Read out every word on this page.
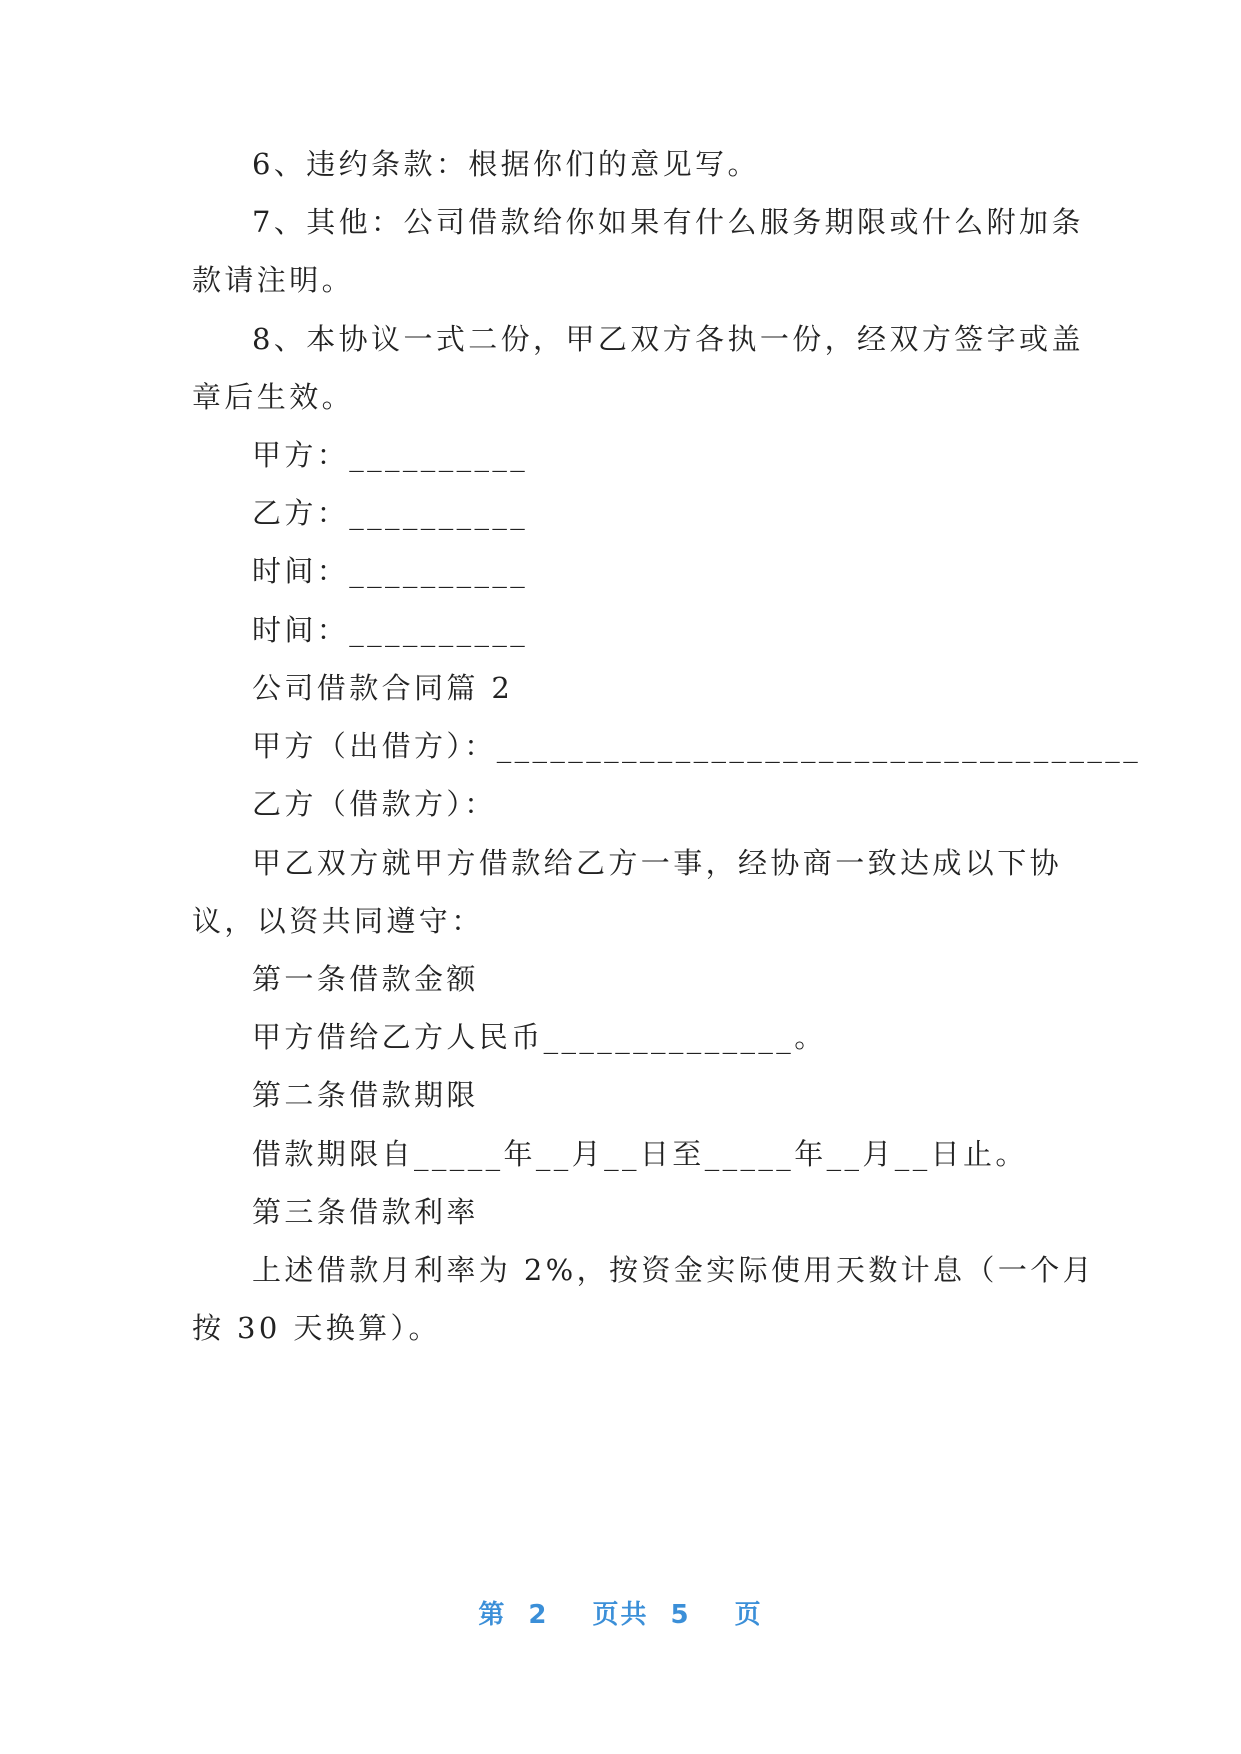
6、违约条款：根据你们的意见写。
7、其他：公司借款给你如果有什么服务期限或什么附加条
款请注明。
8、本协议一式二份，甲乙双方各执一份，经双方签字或盖
章后生效。
甲方：__________
乙方：__________
时间：__________
时间：__________
公司借款合同篇 2
甲方（出借方）：____________________________________
乙方（借款方）：
甲乙双方就甲方借款给乙方一事，经协商一致达成以下协
议，以资共同遵守：
第一条借款金额
甲方借给乙方人民币______________。
第二条借款期限
借款期限自_____年__月__日至_____年__月__日止。
第三条借款利率
上述借款月利率为 2%，按资金实际使用天数计息（一个月
按 30 天换算）。
第 2 页共 5 页
